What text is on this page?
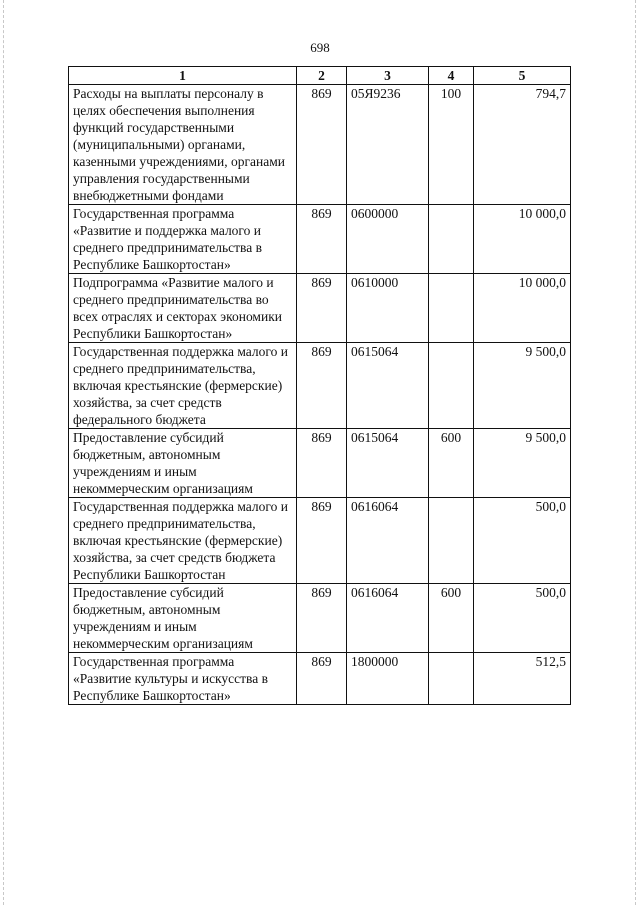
698
1	2	3	4	5
Расходы на выплаты персоналу в целях обеспечения выполнения функций государственными (муниципальными) органами, казенными учреждениями, органами управления государственными внебюджетными фондами	869	05Я9236	100	794,7
Государственная программа «Развитие и поддержка малого и среднего предпринимательства в Республике Башкортостан»	869	0600000		10 000,0
Подпрограмма «Развитие малого и среднего предпринимательства во всех отраслях и секторах экономики Республики Башкортостан»	869	0610000		10 000,0
Государственная поддержка малого и среднего предпринимательства, включая крестьянские (фермерские) хозяйства, за счет средств федерального бюджета	869	0615064		9 500,0
Предоставление субсидий бюджетным, автономным учреждениям и иным некоммерческим организациям	869	0615064	600	9 500,0
Государственная поддержка малого и среднего предпринимательства, включая крестьянские (фермерские) хозяйства, за счет средств бюджета Республики Башкортостан	869	0616064		500,0
Предоставление субсидий бюджетным, автономным учреждениям и иным некоммерческим организациям	869	0616064	600	500,0
Государственная программа «Развитие культуры и искусства в Республике Башкортостан»	869	1800000		512,5
